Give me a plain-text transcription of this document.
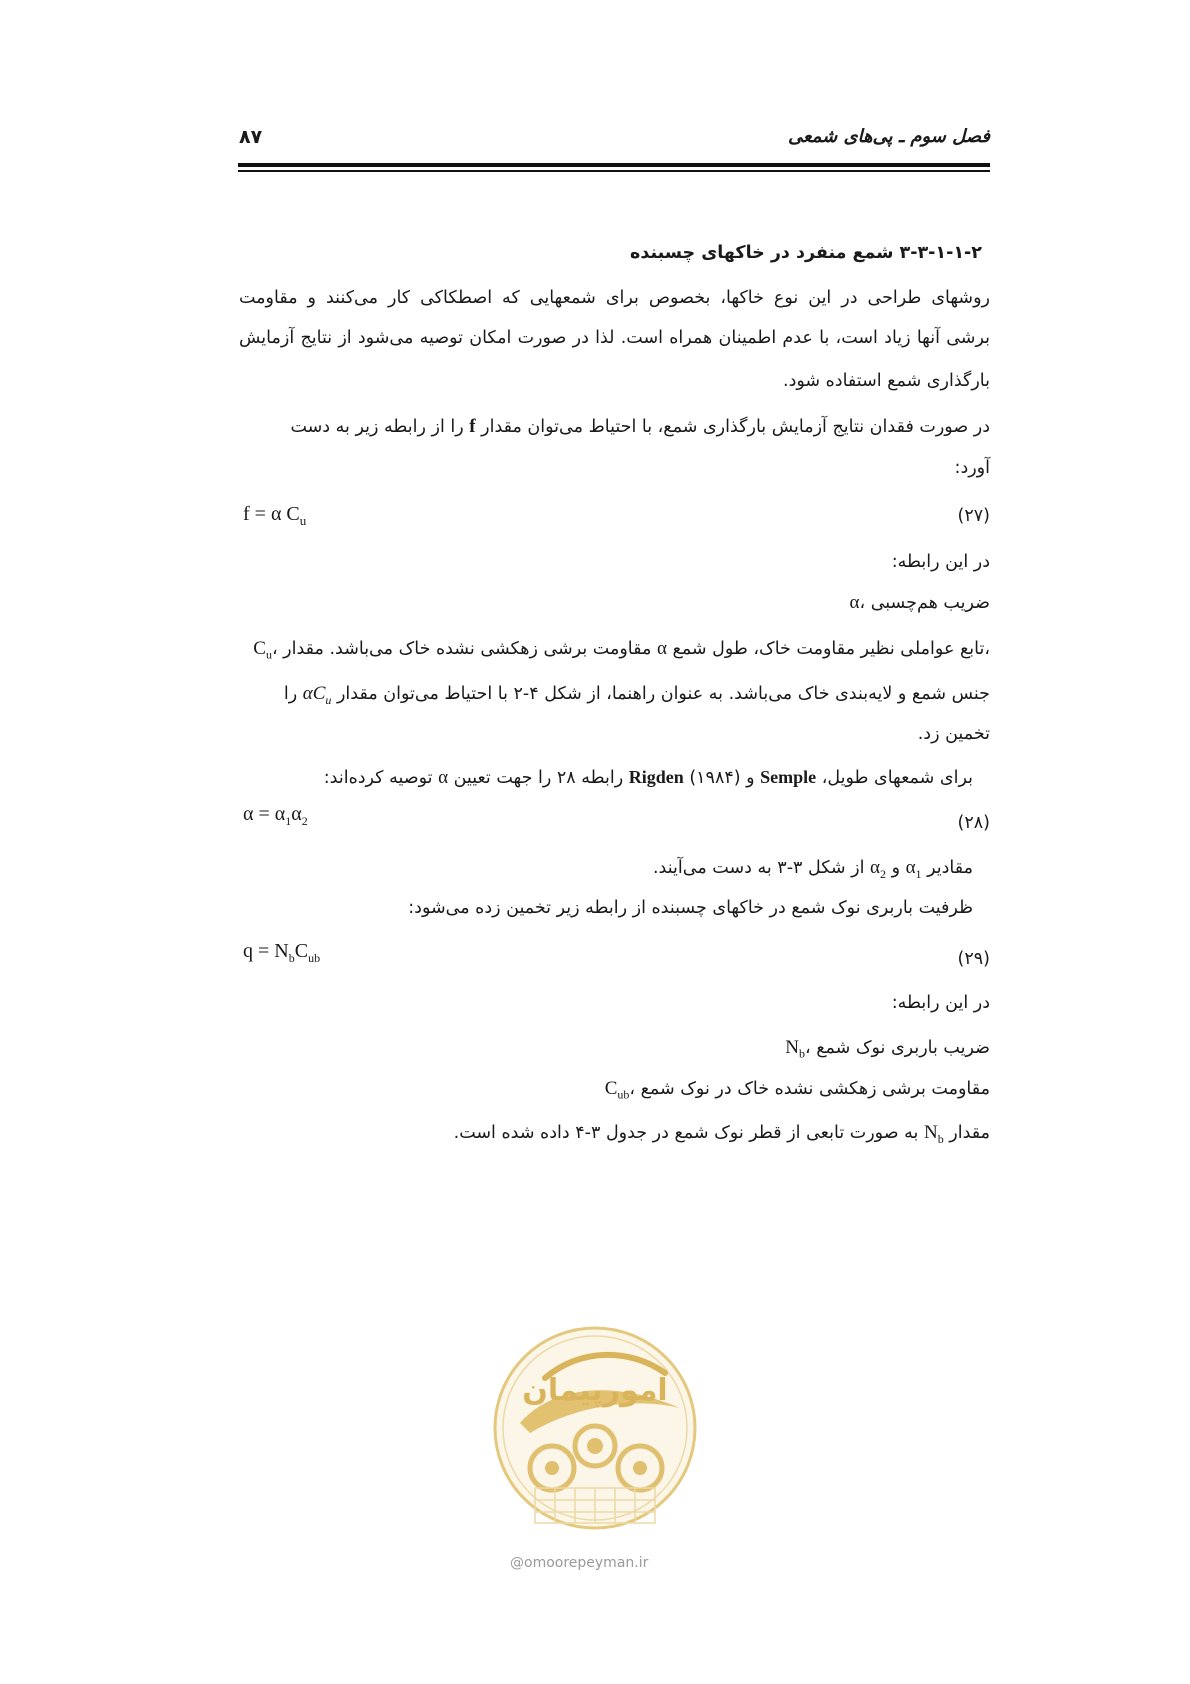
فصل سوم ـ پی‌های شمعی
۸۷
۳-۳-۱-۱-۲ شمع منفرد در خاکهای چسبنده
روشهای طراحی در این نوع خاکها، بخصوص برای شمعهایی که اصطکاکی کار می‌کنند و مقاومت
برشی آنها زیاد است، با عدم اطمینان همراه است. لذا در صورت امکان توصیه می‌شود از نتایج آزمایش
بارگذاری شمع استفاده شود.
در صورت فقدان نتایج آزمایش بارگذاری شمع، با احتیاط می‌توان مقدار f را از رابطه زیر به دست
آورد:
f = α $C_u$	(۲۷)
در این رابطه:
α، ضریب هم‌چسبی
$C_u،$ مقاومت برشی زهکشی نشده خاک می‌باشد. مقدار α تابع عواملی نظیر مقاومت خاک، طول شمع،
جنس شمع و لایه‌بندی خاک می‌باشد. به عنوان راهنما، از شکل ۴-۲ با احتیاط می‌توان مقدار $\alpha C_u$ را
تخمین زد.
برای شمعهای طویل، Semple و Rigden (۱۹۸۴) رابطه ۲۸ را جهت تعیین α توصیه کرده‌اند:
$\alpha = \alpha_1\alpha_2$	(۲۸)
مقادیر $\alpha_1$ و $\alpha_2$ از شکل ۳-۳ به دست می‌آیند.
ظرفیت باربری نوک شمع در خاکهای چسبنده از رابطه زیر تخمین زده می‌شود:
$q = N_bC_{ub}$	(۲۹)
در این رابطه:
$N_b،$ ضریب باربری نوک شمع
$C_{ub}،$ مقاومت برشی زهکشی نشده خاک در نوک شمع
مقدار $N_b$ به صورت تابعی از قطر نوک شمع در جدول ۳-۴ داده شده است.
امورپیمان
@omoorepeyman.ir
